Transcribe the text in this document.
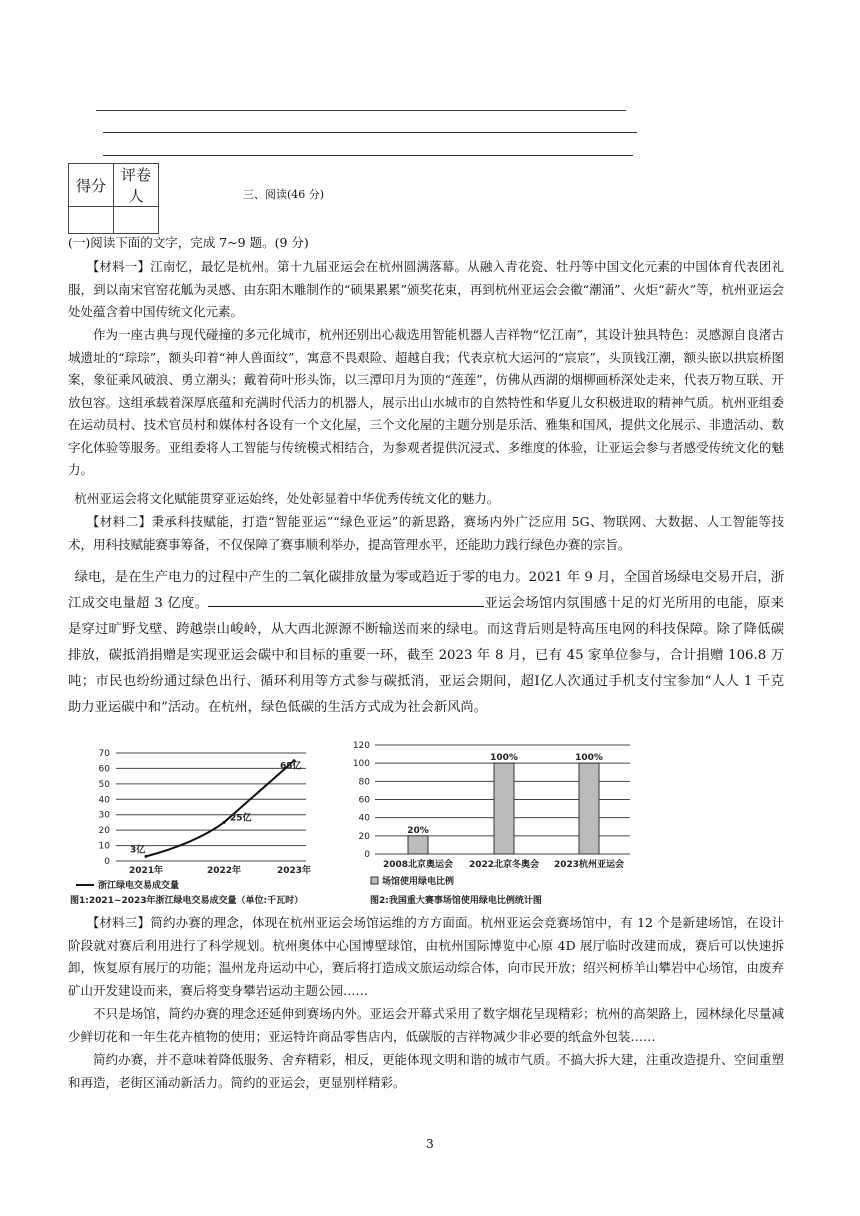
得分	评卷人
		三、阅读(46 分)
(一)阅读下面的文字，完成 7~9 题。(9 分)
【材料一】江南忆，最忆是杭州。第十九届亚运会在杭州圆满落幕。从融入青花瓷、牡丹等中国文化元素的中国体育代表团礼服，到以南宋官窑花觚为灵感、由东阳木雕制作的“硕果累累”颁奖花束，再到杭州亚运会会徽“潮涌”、火炬“薪火”等，杭州亚运会处处蕴含着中国传统文化元素。
作为一座古典与现代碰撞的多元化城市，杭州还别出心裁选用智能机器人吉祥物“忆江南”，其设计独具特色：灵感源自良渚古城遗址的“琮琮”，额头印着“神人兽面纹”，寓意不畏艰险、超越自我；代表京杭大运河的“宸宸”，头顶钱江潮，额头嵌以拱宸桥图案，象征乘风破浪、勇立潮头；戴着荷叶形头饰，以三潭印月为顶的“莲莲”，仿佛从西湖的烟柳画桥深处走来，代表万物互联、开放包容。这组承载着深厚底蕴和充满时代活力的机器人，展示出山水城市的自然特性和华夏儿女积极进取的精神气质。杭州亚组委在运动员村、技术官员村和媒体村各设有一个文化屋，三个文化屋的主题分别是乐活、雅集和国风，提供文化展示、非遗活动、数字化体验等服务。亚组委将人工智能与传统模式相结合，为参观者提供沉浸式、多维度的体验，让亚运会参与者感受传统文化的魅力。
杭州亚运会将文化赋能贯穿亚运始终，处处彰显着中华优秀传统文化的魅力。
【材料二】秉承科技赋能，打造“智能亚运”“绿色亚运”的新思路，赛场内外广泛应用 5G、物联网、大数据、人工智能等技术，用科技赋能赛事筹备，不仅保障了赛事顺利举办，提高管理水平，还能助力践行绿色办赛的宗旨。
绿电，是在生产电力的过程中产生的二氧化碳排放量为零或趋近于零的电力。2021 年 9 月，全国首场绿电交易开启，浙江成交电量超 3 亿度。	亚运会场馆内氛围感十足的灯光所用的电能，原来是穿过旷野戈壁、跨越崇山峻岭，从大西北源源不断输送而来的绿电。而这背后则是特高压电网的科技保障。除了降低碳排放，碳抵消捐赠是实现亚运会碳中和目标的重要一环，截至 2023 年 8 月，已有 45 家单位参与，合计捐赠 106.8 万吨；市民也纷纷通过绿色出行、循环利用等方式参与碳抵消，亚运会期间，超Ⅰ亿人次通过手机支付宝参加“人人 1 千克　助力亚运碳中和”活动。在杭州，绿色低碳的生活方式成为社会新风尚。
0
10
20
30
40
50
60
70
2021年	2022年	2023年
3亿
25亿
65亿
浙江绿电交易成交量
图1:2021~2023年浙江绿电交易成交量（单位:千瓦时）
0
20
40
60
80
100
120
20%
100%	100%
2008北京奥运会 2022北京冬奥会 2023杭州亚运会
场馆使用绿电比例
图2:我国重大赛事场馆使用绿电比例统计图
【材料三】简约办赛的理念，体现在杭州亚运会场馆运维的方方面面。杭州亚运会竞赛场馆中，有 12 个是新建场馆，在设计阶段就对赛后利用进行了科学规划。杭州奥体中心国博壁球馆，由杭州国际博览中心原 4D 展厅临时改建而成，赛后可以快速拆卸，恢复原有展厅的功能；温州龙舟运动中心，赛后将打造成文旅运动综合体，向市民开放；绍兴柯桥羊山攀岩中心场馆，由废弃矿山开发建设而来，赛后将变身攀岩运动主题公园……
不只是场馆，简约办赛的理念还延伸到赛场内外。亚运会开幕式采用了数字烟花呈现精彩；杭州的高架路上，园林绿化尽量减少鲜切花和一年生花卉植物的使用；亚运特许商品零售店内，低碳版的吉祥物减少非必要的纸盒外包装……
简约办赛，并不意味着降低服务、舍弃精彩，相反，更能体现文明和谐的城市气质。不搞大拆大建，注重改造提升、空间重塑和再造，老街区涌动新活力。简约的亚运会，更显别样精彩。
3
